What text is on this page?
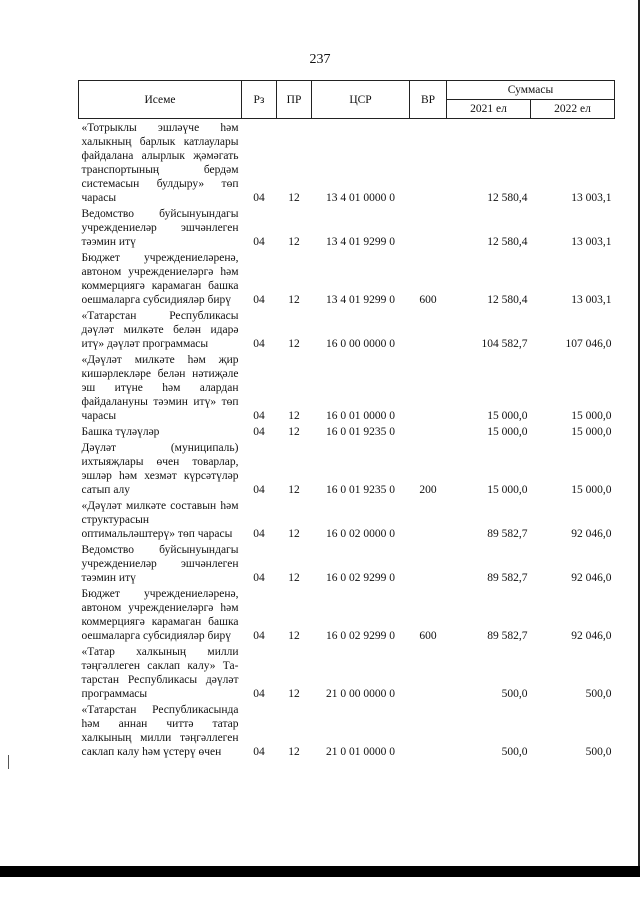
237
Исеме	Рз	ПР	ЦСР	ВР	Суммасы	
					2021 ел	2022 ел
«Тотрыклы эшләүче һәм халыкның барлык катлаулары файдалана алырлык җәмәгать транспортының бердәм системасын булдыру» төп чарасы	04	12	13 4 01 0000 0		12 580,4	13 003,1
Ведомство буйсынуындагы учреждениеләр эшчәнлеген тәэмин итү	04	12	13 4 01 9299 0		12 580,4	13 003,1
Бюджет учреждениеләренә, автоном учреждениеләргә һәм коммерциягә карамаган башка оешмаларга субсидияләр бирү	04	12	13 4 01 9299 0	600	12 580,4	13 003,1
«Татарстан Республикасы дәүләт милкәте белән идарә итү» дәүләт программасы	04	12	16 0 00 0000 0		104 582,7	107 046,0
«Дәүләт милкәте һәм җир кишәрлекләре белән нәтиҗәле эш итүне һәм алардан файдалануны тәэмин итү» төп чарасы	04	12	16 0 01 0000 0		15 000,0	15 000,0
Башка түләүләр	04	12	16 0 01 9235 0		15 000,0	15 000,0
Дәүләт (муниципаль) ихтыяҗлары өчен товарлар, эшләр һәм хезмәт күрсәтүләр сатып алу	04	12	16 0 01 9235 0	200	15 000,0	15 000,0
«Дәүләт милкәте составын һәм структурасын оптимальләштерү» төп чарасы	04	12	16 0 02 0000 0		89 582,7	92 046,0
Ведомство буйсынуындагы учреждениеләр эшчәнлеген тәэмин итү	04	12	16 0 02 9299 0		89 582,7	92 046,0
Бюджет учреждениеләренә, автоном учреждениеләргә һәм коммерциягә карамаган башка оешмаларга субсидияләр бирү	04	12	16 0 02 9299 0	600	89 582,7	92 046,0
«Татар халкының милли тәңгәллеген саклап калу» Татарстан Республикасы дәүләт программасы	04	12	21 0 00 0000 0		500,0	500,0
«Татарстан Республикасында һәм аннан читтә татар халкының милли тәңгәллеген саклап калу һәм үстерү өчен	04	12	21 0 01 0000 0		500,0	500,0
